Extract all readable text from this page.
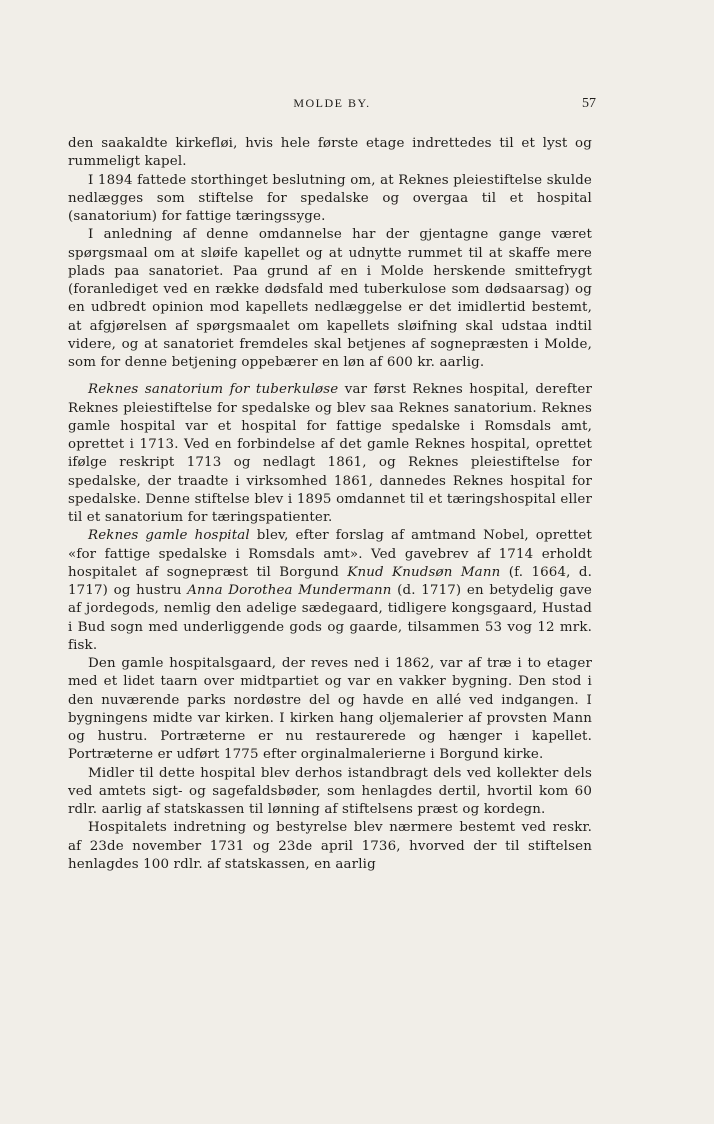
MOLDE BY.	57

den saakaldte kirkefløi, hvis hele første etage indrettedes til et lyst og rummeligt kapel.

I 1894 fattede storthinget beslutning om, at Reknes pleiestiftelse skulde nedlægges som stiftelse for spedalske og overgaa til et hospital (sanatorium) for fattige tæringssyge.

I anledning af denne omdannelse har der gjentagne gange været spørgsmaal om at sløife kapellet og at udnytte rummet til at skaffe mere plads paa sanatoriet. Paa grund af en i Molde herskende smittefrygt (foranlediget ved en række dødsfald med tuberkulose som dødsaarsag) og en udbredt opinion mod kapellets nedlæggelse er det imidlertid bestemt, at afgjørelsen af spørgsmaalet om kapellets sløifning skal udstaa indtil videre, og at sanatoriet fremdeles skal betjenes af sognepræsten i Molde, som for denne betjening oppebærer en løn af 600 kr. aarlig.

Reknes sanatorium for tuberkuløse var først Reknes hospital, derefter Reknes pleiestiftelse for spedalske og blev saa Reknes sanatorium. Reknes gamle hospital var et hospital for fattige spedalske i Romsdals amt, oprettet i 1713. Ved en forbindelse af det gamle Reknes hospital, oprettet ifølge reskript 1713 og nedlagt 1861, og Reknes pleiestiftelse for spedalske, der traadte i virksomhed 1861, dannedes Reknes hospital for spedalske. Denne stiftelse blev i 1895 omdannet til et tæringshospital eller til et sanatorium for tæringspatienter.

Reknes gamle hospital blev, efter forslag af amtmand Nobel, oprettet «for fattige spedalske i Romsdals amt». Ved gavebrev af 1714 erholdt hospitalet af sognepræst til Borgund Knud Knudsøn Mann (f. 1664, d. 1717) og hustru Anna Dorothea Mundermann (d. 1717) en betydelig gave af jordegods, nemlig den adelige sædegaard, tidligere kongsgaard, Hustad i Bud sogn med underliggende gods og gaarde, tilsammen 53 vog 12 mrk. fisk.

Den gamle hospitalsgaard, der reves ned i 1862, var af træ i to etager med et lidet taarn over midtpartiet og var en vakker bygning. Den stod i den nuværende parks nordøstre del og havde en allé ved indgangen. I bygningens midte var kirken. I kirken hang oljemalerier af provsten Mann og hustru. Portræterne er nu restaurerede og hænger i kapellet. Portræterne er udført 1775 efter orginalmalerierne i Borgund kirke.

Midler til dette hospital blev derhos istandbragt dels ved kollekter dels ved amtets sigt- og sagefaldsbøder, som henlagdes dertil, hvortil kom 60 rdlr. aarlig af statskassen til lønning af stiftelsens præst og kordegn.

Hospitalets indretning og bestyrelse blev nærmere bestemt ved reskr. af 23de november 1731 og 23de april 1736, hvorved der til stiftelsen henlagdes 100 rdlr. af statskassen, en aarlig
